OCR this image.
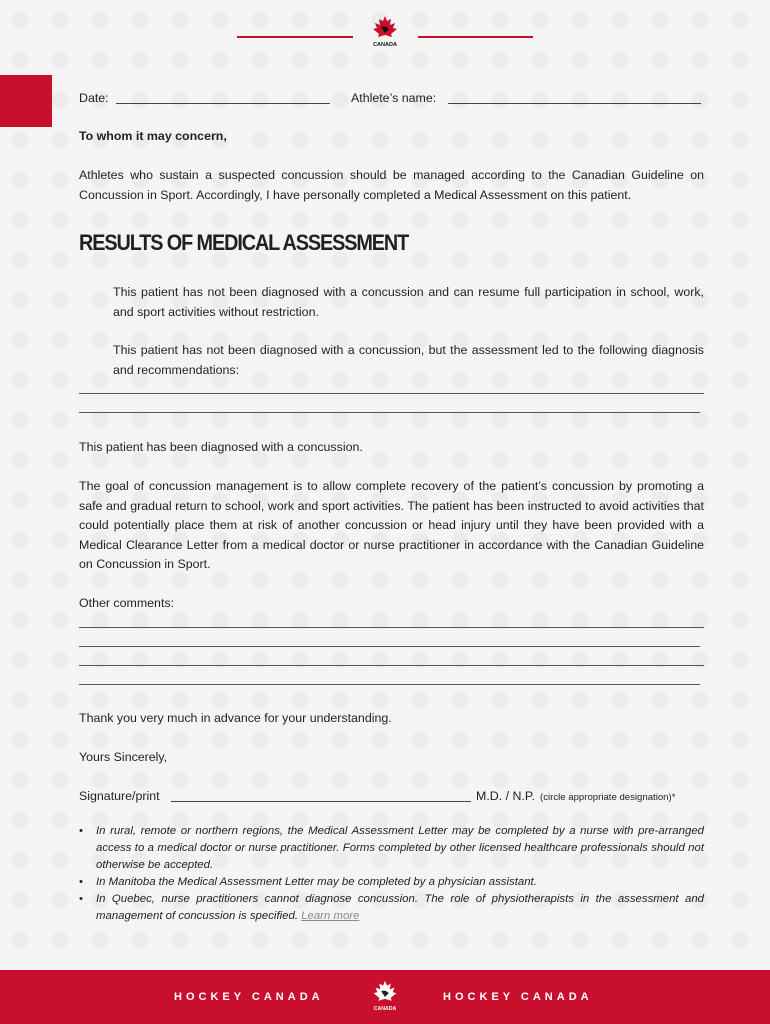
CANADA
Date:	Athlete’s name:
To whom it may concern,
Athletes who sustain a suspected concussion should be managed according to the Canadian Guideline on Concussion in Sport. Accordingly, I have personally completed a Medical Assessment on this patient.
RESULTS OF MEDICAL ASSESSMENT
This patient has not been diagnosed with a concussion and can resume full participation in school, work, and sport activities without restriction.
This patient has not been diagnosed with a concussion, but the assessment led to the following diagnosis and recommendations:
This patient has been diagnosed with a concussion.
The goal of concussion management is to allow complete recovery of the patient’s concussion by promoting a safe and gradual return to school, work and sport activities. The patient has been instructed to avoid activities that could potentially place them at risk of another concussion or head injury until they have been provided with a Medical Clearance Letter from a medical doctor or nurse practitioner in accordance with the Canadian Guideline on Concussion in Sport.
Other comments:
Thank you very much in advance for your understanding.
Yours Sincerely,
Signature/print	M.D. / N.P. (circle appropriate designation)*
• In rural, remote or northern regions, the Medical Assessment Letter may be completed by a nurse with pre-arranged access to a medical doctor or nurse practitioner. Forms completed by other licensed healthcare professionals should not otherwise be accepted.
• In Manitoba the Medical Assessment Letter may be completed by a physician assistant.
• In Quebec, nurse practitioners cannot diagnose concussion. The role of physiotherapists in the assessment and management of concussion is specified. Learn more
HOCKEY CANADA
CANADA
HOCKEY CANADA
